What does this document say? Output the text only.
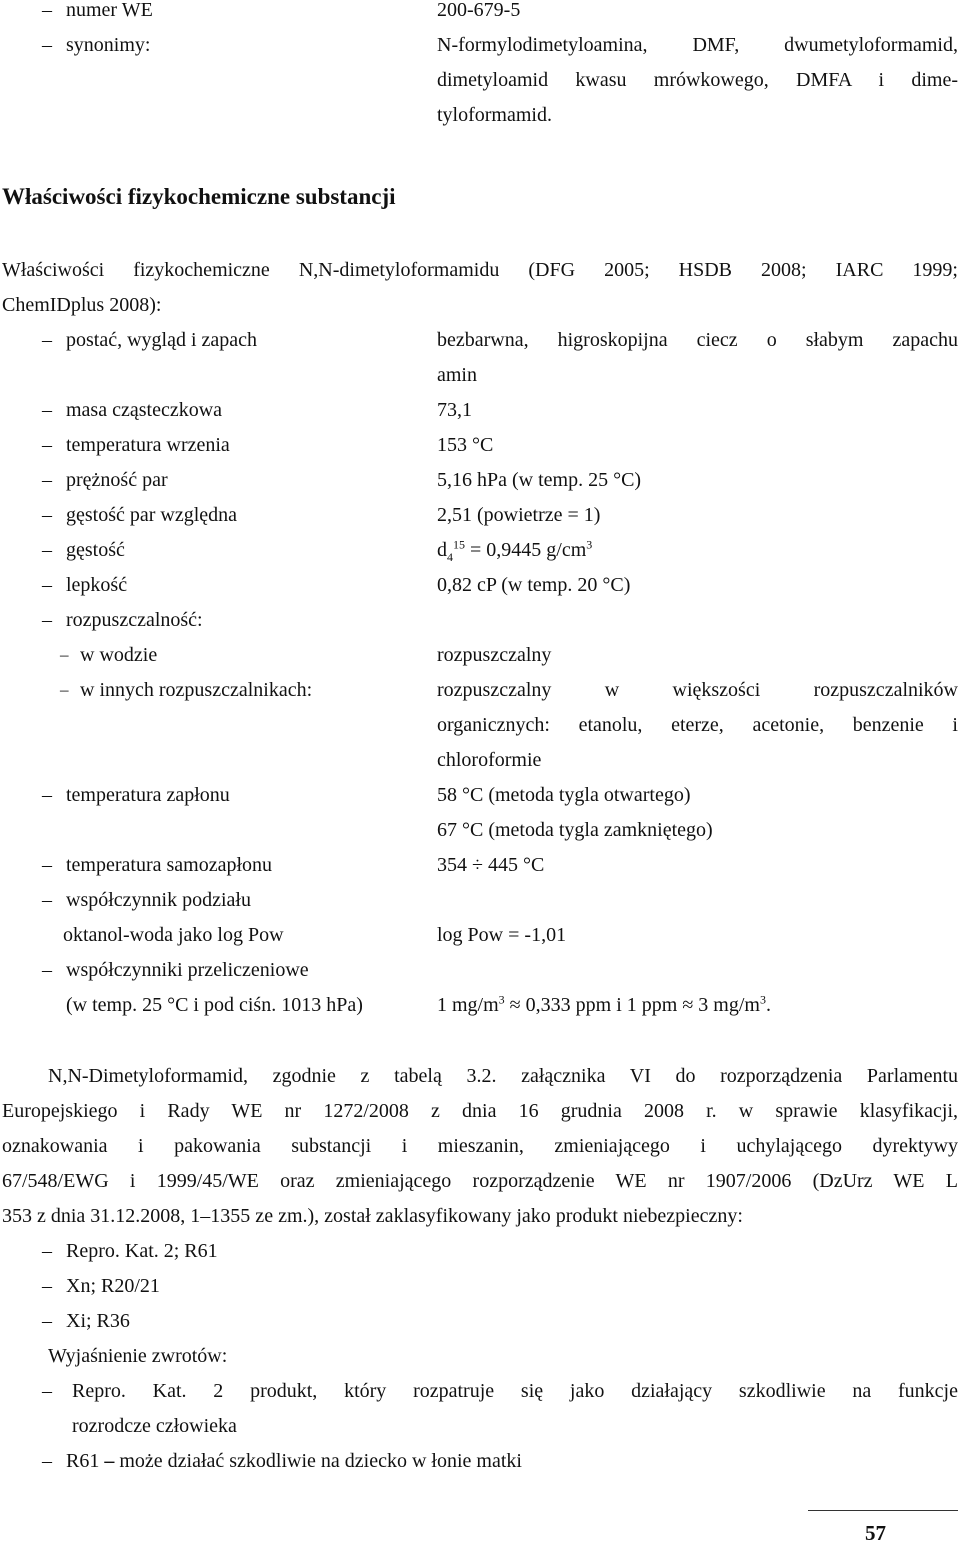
– numer WE	200-679-5
– synonimy:	N-formylodimetyloamina, DMF, dwumetyloformamid,
dimetyloamid kwasu mrówkowego, DMFA i dime-
tyloformamid.
Właściwości fizykochemiczne substancji
Właściwości fizykochemiczne N,N-dimetyloformamidu (DFG 2005; HSDB 2008; IARC 1999;
ChemIDplus 2008):
– postać, wygląd i zapach	bezbarwna, higroskopijna ciecz o słabym zapachu
amin
– masa cząsteczkowa	73,1
– temperatura wrzenia	153 °C
– prężność par	5,16 hPa (w temp. 25 °C)
– gęstość par względna	2,51 (powietrze = 1)
– gęstość	$d_4^{15} = 0,9445$ $g/cm^3$
– lepkość	0,82 cP (w temp. 20 °C)
– rozpuszczalność:
– w wodzie	rozpuszczalny
– w innych rozpuszczalnikach:	rozpuszczalny w większości rozpuszczalników
organicznych: etanolu, eterze, acetonie, benzenie i
chloroformie
– temperatura zapłonu	58 °C (metoda tygla otwartego)
67 °C (metoda tygla zamkniętego)
– temperatura samozapłonu	354 ÷ 445 °C
– współczynnik podziału
oktanol-woda jako log Pow	log Pow = -1,01
– współczynniki przeliczeniowe
(w temp. 25 °C i pod ciśn. 1013 hPa)	1 $mg/m^3 \approx 0,333$ ppm i 1 ppm ≈ 3 $mg/m^3$.
N,N-Dimetyloformamid, zgodnie z tabelą 3.2. załącznika VI do rozporządzenia Parlamentu
Europejskiego i Rady WE nr 1272/2008 z dnia 16 grudnia 2008 r. w sprawie klasyfikacji,
oznakowania i pakowania substancji i mieszanin, zmieniającego i uchylającego dyrektywy
67/548/EWG i 1999/45/WE oraz zmieniającego rozporządzenie WE nr 1907/2006 (DzUrz WE L
353 z dnia 31.12.2008, 1–1355 ze zm.), został zaklasyfikowany jako produkt niebezpieczny:
– Repro. Kat. 2; R61
– Xn; R20/21
– Xi; R36
Wyjaśnienie zwrotów:
– Repro. Kat. 2 produkt, który rozpatruje się jako działający szkodliwie na funkcje
rozrodcze człowieka
– R61 – może działać szkodliwie na dziecko w łonie matki
57
